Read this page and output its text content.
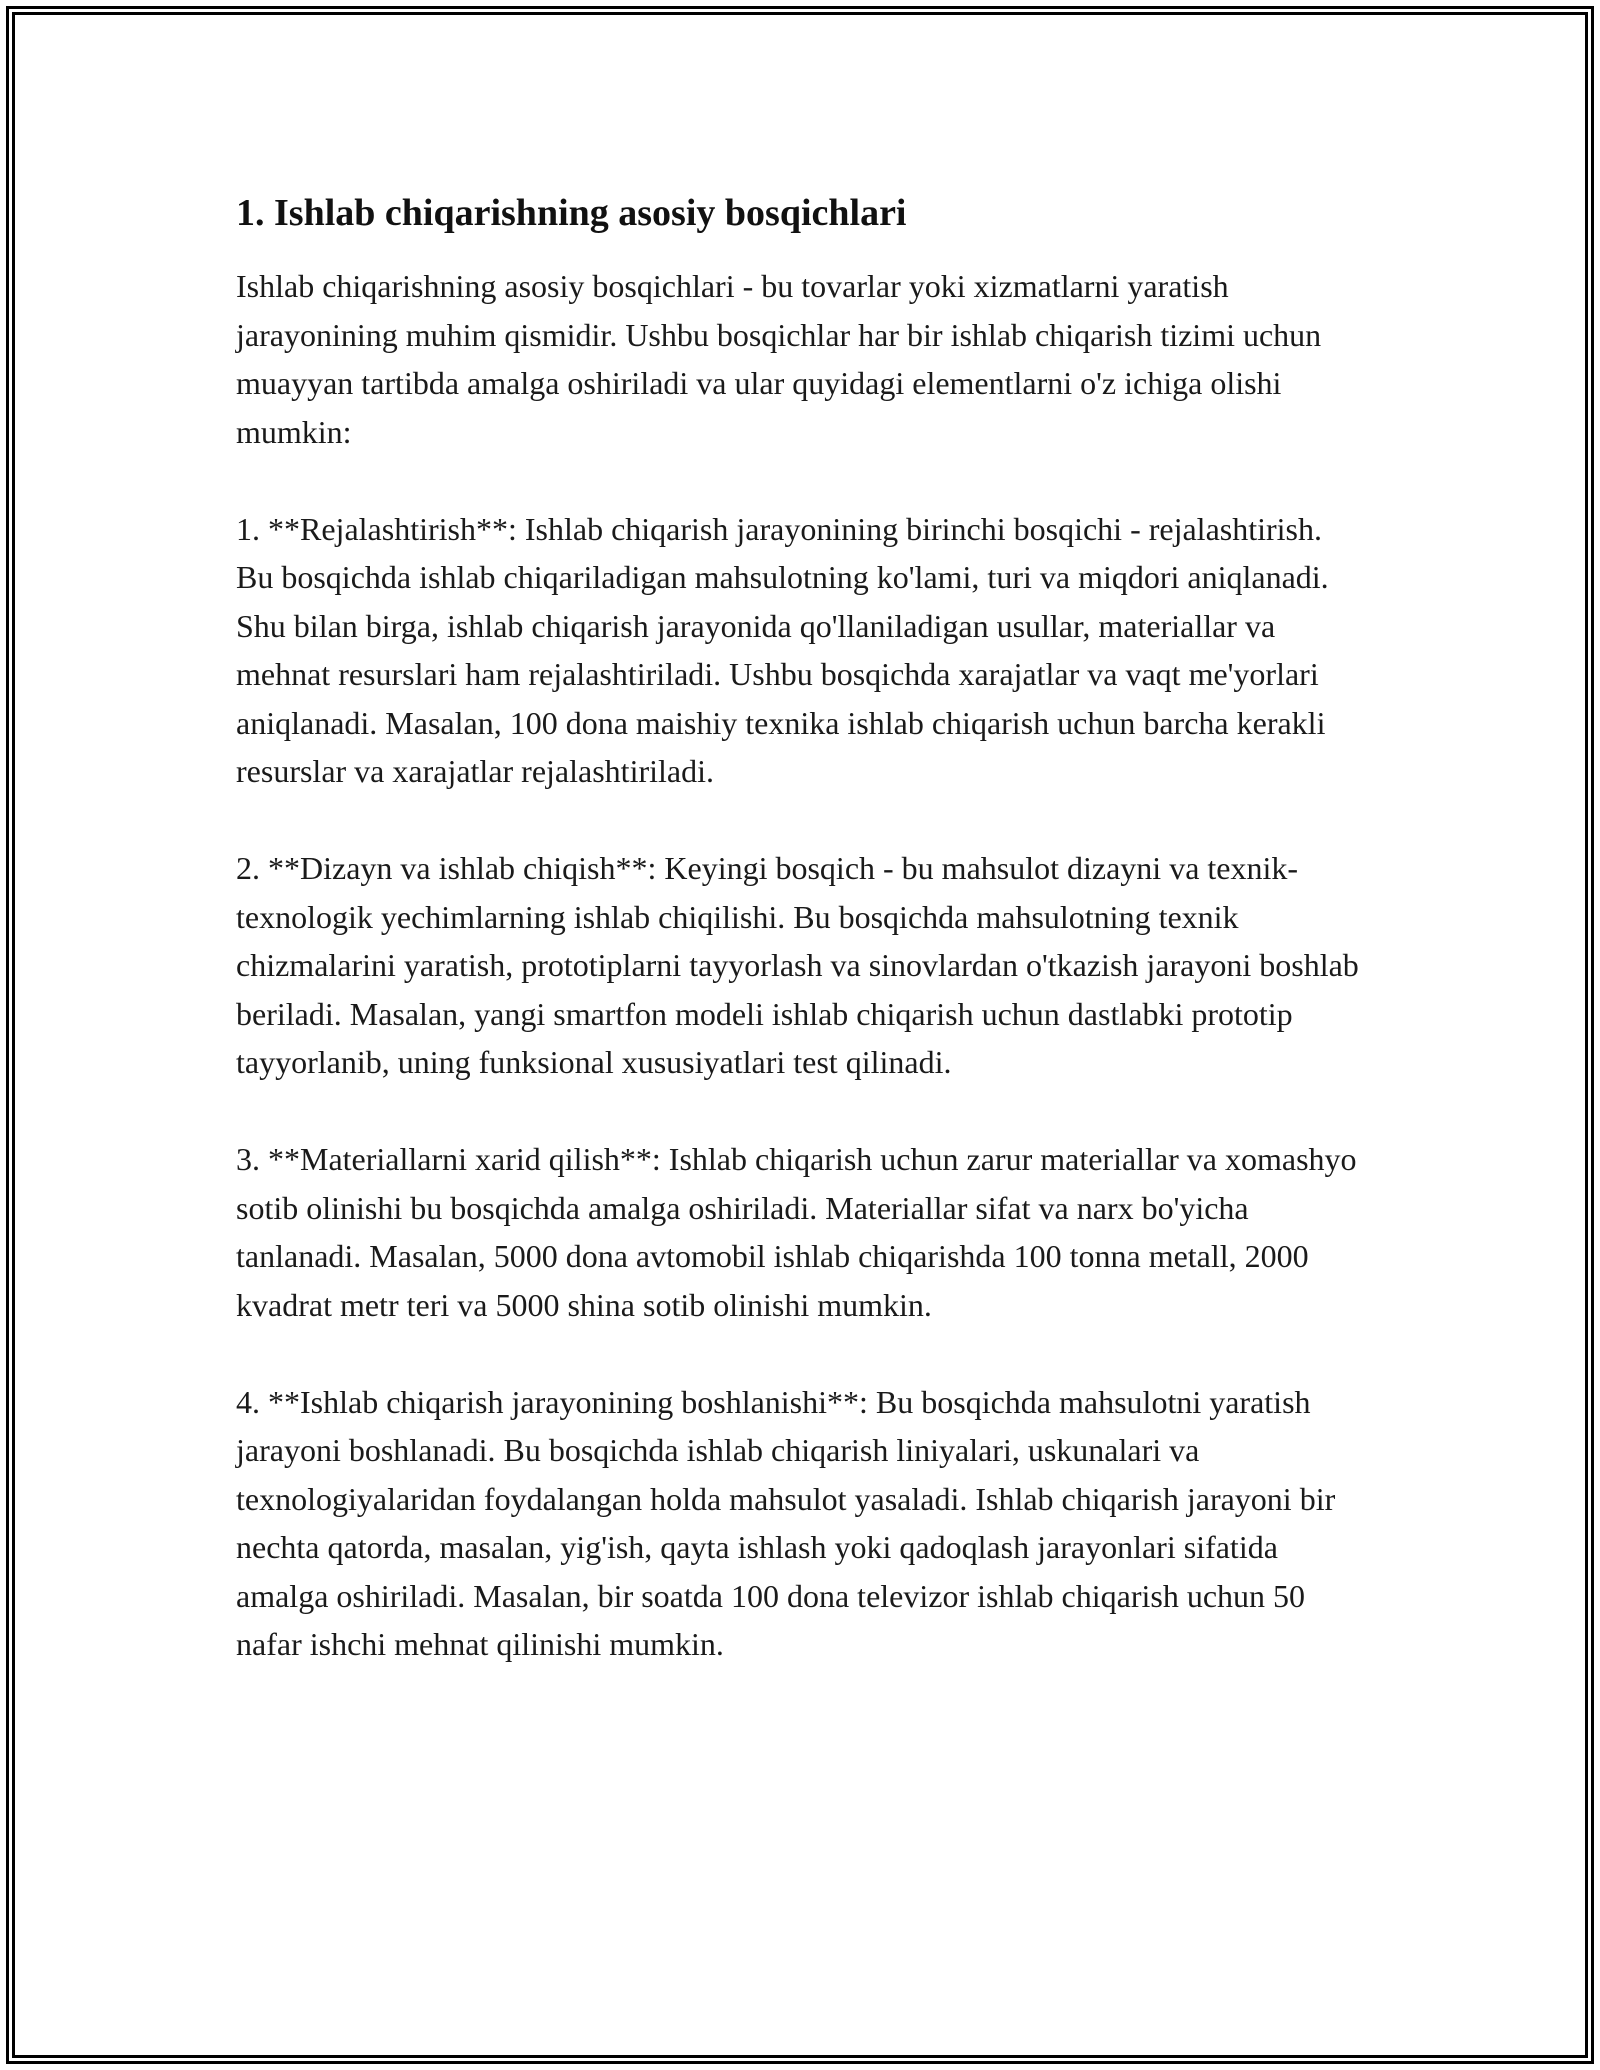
1. Ishlab chiqarishning asosiy bosqichlari

Ishlab chiqarishning asosiy bosqichlari - bu tovarlar yoki xizmatlarni yaratish jarayonining muhim qismidir. Ushbu bosqichlar har bir ishlab chiqarish tizimi uchun muayyan tartibda amalga oshiriladi va ular quyidagi elementlarni o'z ichiga olishi mumkin:

1. **Rejalashtirish**: Ishlab chiqarish jarayonining birinchi bosqichi - rejalashtirish. Bu bosqichda ishlab chiqariladigan mahsulotning ko'lami, turi va miqdori aniqlanadi. Shu bilan birga, ishlab chiqarish jarayonida qo'llaniladigan usullar, materiallar va mehnat resurslari ham rejalashtiriladi. Ushbu bosqichda xarajatlar va vaqt me'yorlari aniqlanadi. Masalan, 100 dona maishiy texnika ishlab chiqarish uchun barcha kerakli resurslar va xarajatlar rejalashtiriladi.

2. **Dizayn va ishlab chiqish**: Keyingi bosqich - bu mahsulot dizayni va texnik-texnologik yechimlarning ishlab chiqilishi. Bu bosqichda mahsulotning texnik chizmalarini yaratish, prototiplarni tayyorlash va sinovlardan o'tkazish jarayoni boshlab beriladi. Masalan, yangi smartfon modeli ishlab chiqarish uchun dastlabki prototip tayyorlanib, uning funksional xususiyatlari test qilinadi.

3. **Materiallarni xarid qilish**: Ishlab chiqarish uchun zarur materiallar va xomashyo sotib olinishi bu bosqichda amalga oshiriladi. Materiallar sifat va narx bo'yicha tanlanadi. Masalan, 5000 dona avtomobil ishlab chiqarishda 100 tonna metall, 2000 kvadrat metr teri va 5000 shina sotib olinishi mumkin.

4. **Ishlab chiqarish jarayonining boshlanishi**: Bu bosqichda mahsulotni yaratish jarayoni boshlanadi. Bu bosqichda ishlab chiqarish liniyalari, uskunalari va texnologiyalaridan foydalangan holda mahsulot yasaladi. Ishlab chiqarish jarayoni bir nechta qatorda, masalan, yig'ish, qayta ishlash yoki qadoqlash jarayonlari sifatida amalga oshiriladi. Masalan, bir soatda 100 dona televizor ishlab chiqarish uchun 50 nafar ishchi mehnat qilinishi mumkin.
